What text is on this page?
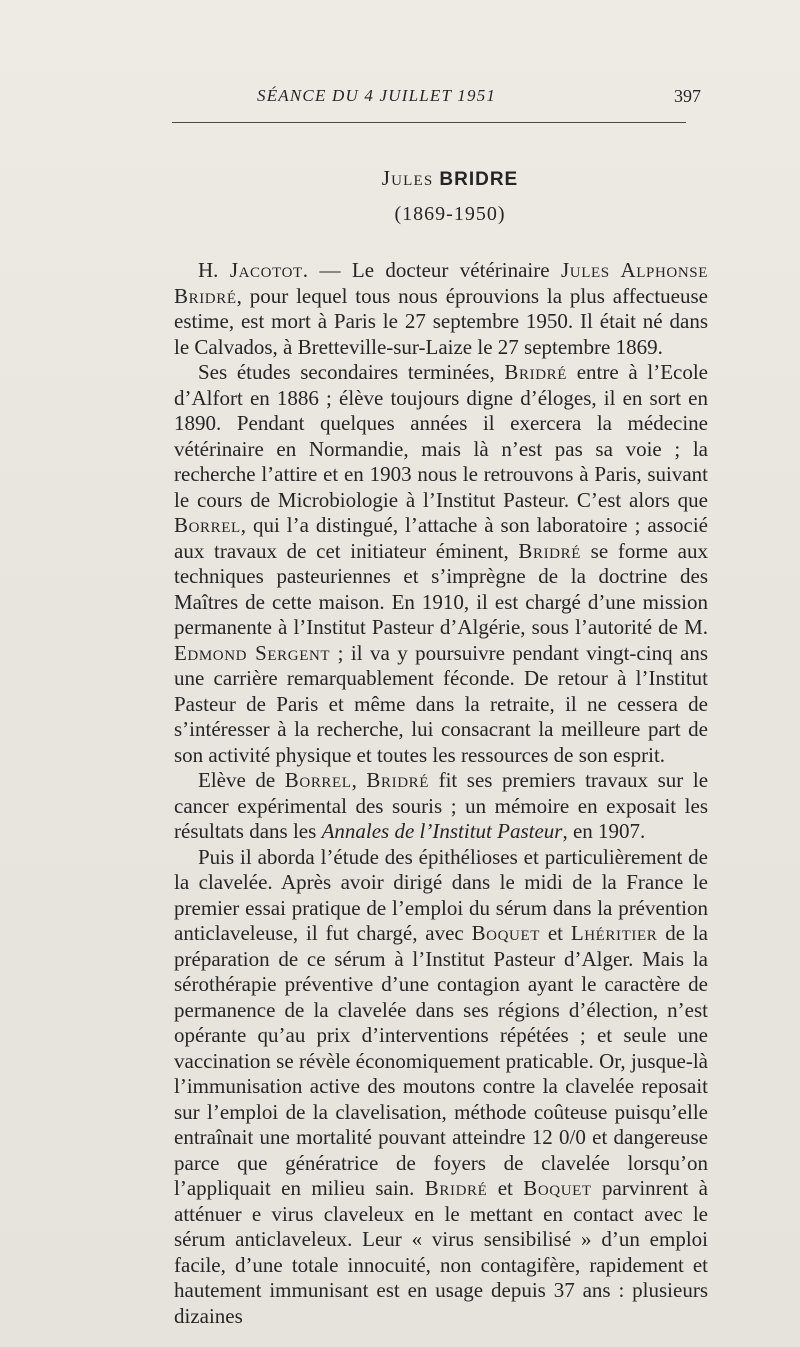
SÉANCE DU 4 JUILLET 1951	397
Jules BRIDRE
(1869-1950)

H. Jacotot. — Le docteur vétérinaire Jules Alphonse Bridré, pour lequel tous nous éprouvions la plus affectueuse estime, est mort à Paris le 27 septembre 1950. Il était né dans le Calvados, à Bretteville-sur-Laize le 27 septembre 1869.

Ses études secondaires terminées, Bridré entre à l’Ecole d’Alfort en 1886 ; élève toujours digne d’éloges, il en sort en 1890. Pendant quelques années il exercera la médecine vétérinaire en Normandie, mais là n’est pas sa voie ; la recherche l’attire et en 1903 nous le retrouvons à Paris, suivant le cours de Microbiologie à l’Institut Pasteur. C’est alors que Borrel, qui l’a distingué, l’attache à son laboratoire ; associé aux travaux de cet initiateur éminent, Bridré se forme aux techniques pasteuriennes et s’imprègne de la doctrine des Maîtres de cette maison. En 1910, il est chargé d’une mission permanente à l’Institut Pasteur d’Algérie, sous l’autorité de M. Edmond Sergent ; il va y poursuivre pendant vingt-cinq ans une carrière remarquablement féconde. De retour à l’Institut Pasteur de Paris et même dans la retraite, il ne cessera de s’intéresser à la recherche, lui consacrant la meilleure part de son activité physique et toutes les ressources de son esprit.

Elève de Borrel, Bridré fit ses premiers travaux sur le cancer expérimental des souris ; un mémoire en exposait les résultats dans les Annales de l’Institut Pasteur, en 1907.

Puis il aborda l’étude des épithélioses et particulièrement de la clavelée. Après avoir dirigé dans le midi de la France le premier essai pratique de l’emploi du sérum dans la prévention anticlaveleuse, il fut chargé, avec Boquet et Lhéritier de la préparation de ce sérum à l’Institut Pasteur d’Alger. Mais la sérothérapie préventive d’une contagion ayant le caractère de permanence de la clavelée dans ses régions d’élection, n’est opérante qu’au prix d’interventions répétées ; et seule une vaccination se révèle économiquement praticable. Or, jusque-là l’immunisation active des moutons contre la clavelée reposait sur l’emploi de la clavelisation, méthode coûteuse puisqu’elle entraînait une mortalité pouvant atteindre 12 0/0 et dangereuse parce que génératrice de foyers de clavelée lorsqu’on l’appliquait en milieu sain. Bridré et Boquet parvinrent à atténuer e virus claveleux en le mettant en contact avec le sérum anticlaveleux. Leur « virus sensibilisé » d’un emploi facile, d’une totale innocuité, non contagifère, rapidement et hautement immunisant est en usage depuis 37 ans : plusieurs dizaines
